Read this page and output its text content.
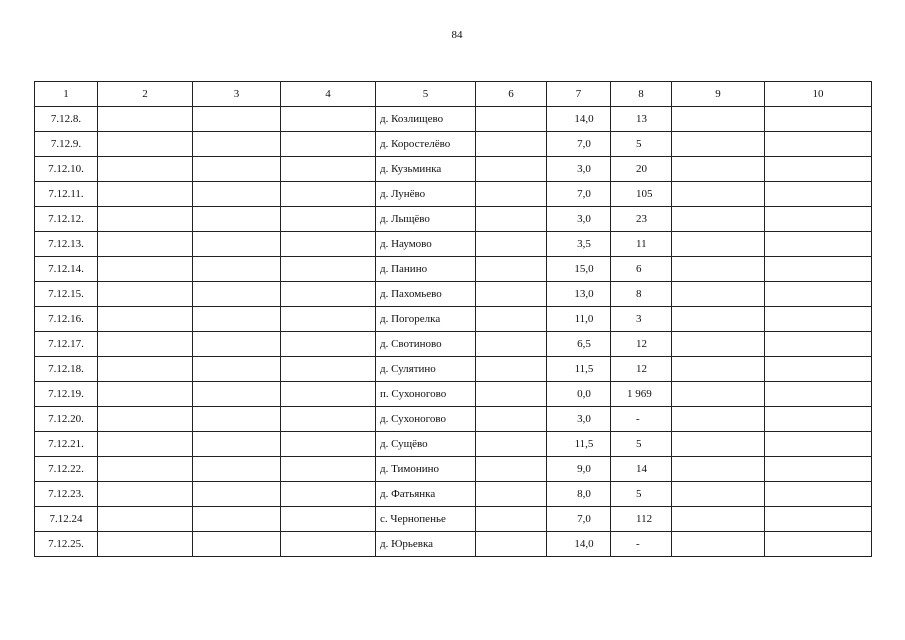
84
1	2	3	4	5	6	7	8	9	10
7.12.8.				д. Козлищево		14,0	13		
7.12.9.				д. Коростелёво		7,0	5		
7.12.10.				д. Кузьминка		3,0	20		
7.12.11.				д. Лунёво		7,0	105		
7.12.12.				д. Лыщёво		3,0	23		
7.12.13.				д. Наумово		3,5	11		
7.12.14.				д. Панино		15,0	6		
7.12.15.				д. Пахомьево		13,0	8		
7.12.16.				д. Погорелка		11,0	3		
7.12.17.				д. Свотиново		6,5	12		
7.12.18.				д. Сулятино		11,5	12		
7.12.19.				п. Сухоногово		0,0	1 969		
7.12.20.				д. Сухоногово		3,0	-		
7.12.21.				д. Сущёво		11,5	5		
7.12.22.				д. Тимонино		9,0	14		
7.12.23.				д. Фатьянка		8,0	5		
7.12.24				с. Чернопенье		7,0	112		
7.12.25.				д. Юрьевка		14,0	-		
